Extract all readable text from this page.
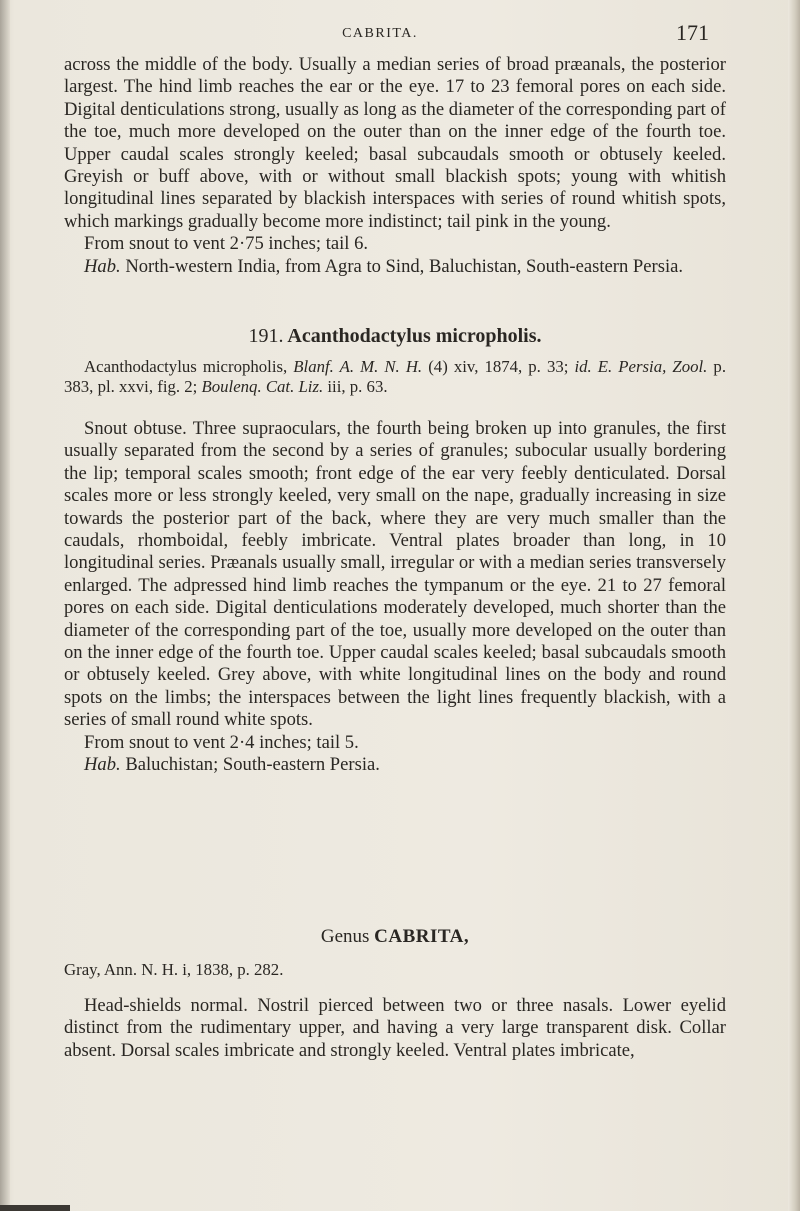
CABRITA.	171

across the middle of the body. Usually a median series of broad præanals, the posterior largest. The hind limb reaches the ear or the eye. 17 to 23 femoral pores on each side. Digital denticulations strong, usually as long as the diameter of the corresponding part of the toe, much more developed on the outer than on the inner edge of the fourth toe. Upper caudal scales strongly keeled; basal subcaudals smooth or obtusely keeled. Greyish or buff above, with or without small blackish spots; young with whitish longitudinal lines separated by blackish interspaces with series of round whitish spots, which markings gradually become more indistinct; tail pink in the young.

From snout to vent 2·75 inches; tail 6.

Hab. North-western India, from Agra to Sind, Baluchistan, South-eastern Persia.

191. Acanthodactylus micropholis.

Acanthodactylus micropholis, Blanf. A. M. N. H. (4) xiv, 1874, p. 33; id. E. Persia, Zool. p. 383, pl. xxvi, fig. 2; Boulenq. Cat. Liz. iii, p. 63.

Snout obtuse. Three supraoculars, the fourth being broken up into granules, the first usually separated from the second by a series of granules; subocular usually bordering the lip; temporal scales smooth; front edge of the ear very feebly denticulated. Dorsal scales more or less strongly keeled, very small on the nape, gradually increasing in size towards the posterior part of the back, where they are very much smaller than the caudals, rhomboidal, feebly imbricate. Ventral plates broader than long, in 10 longitudinal series. Præanals usually small, irregular or with a median series transversely enlarged. The adpressed hind limb reaches the tympanum or the eye. 21 to 27 femoral pores on each side. Digital denticulations moderately developed, much shorter than the diameter of the corresponding part of the toe, usually more developed on the outer than on the inner edge of the fourth toe. Upper caudal scales keeled; basal subcaudals smooth or obtusely keeled. Grey above, with white longitudinal lines on the body and round spots on the limbs; the interspaces between the light lines frequently blackish, with a series of small round white spots.

From snout to vent 2·4 inches; tail 5.

Hab. Baluchistan; South-eastern Persia.

Genus CABRITA,

Gray, Ann. N. H. i, 1838, p. 282.

Head-shields normal. Nostril pierced between two or three nasals. Lower eyelid distinct from the rudimentary upper, and having a very large transparent disk. Collar absent. Dorsal scales imbricate and strongly keeled. Ventral plates imbricate,
